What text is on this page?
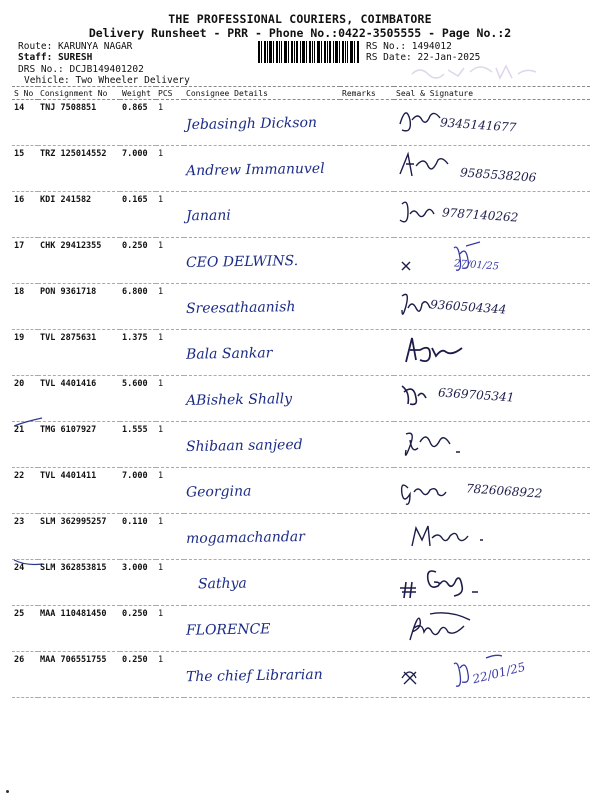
THE PROFESSIONAL COURIERS, COIMBATORE
Delivery Runsheet - PRR - Phone No.:0422-3505555 - Page No.:2
Route: KARUNYA NAGAR
Staff: SURESH
DRS No.: DCJB149401202
Vehicle: Two Wheeler Delivery
RS No.: 1494012
RS Date: 22-Jan-2025
S No	Consignment No	Weight	PCS	Consignee Details	Remarks	Seal & Signature
14	TNJ 7508851	0.865	1	Jebasingh Dickson		9345141677

15	TRZ 125014552	7.000	1	Andrew Immanuvel		9585538206

16	KDI 241582	0.165	1	Janani		9787140262

17	CHK 29412355	0.250	1	CEO DELWINS.		27/01/25

18	PON 9361718	6.800	1	Sreesathaanish		9360504344

19	TVL 2875631	1.375	1	Bala Sankar

20	TVL 4401416	5.600	1	ABishek Shally		6369705341

21	TMG 6107927	1.555	1	Shibaan sanjeed

22	TVL 4401411	7.000	1	Georgina		7826068922

23	SLM 362995257	0.110	1	mogamachandar

24	SLM 362853815	3.000	1	Sathya

25	MAA 110481450	0.250	1	FLORENCE

26	MAA 706551755	0.250	1	The chief Librarian		22/01/25
